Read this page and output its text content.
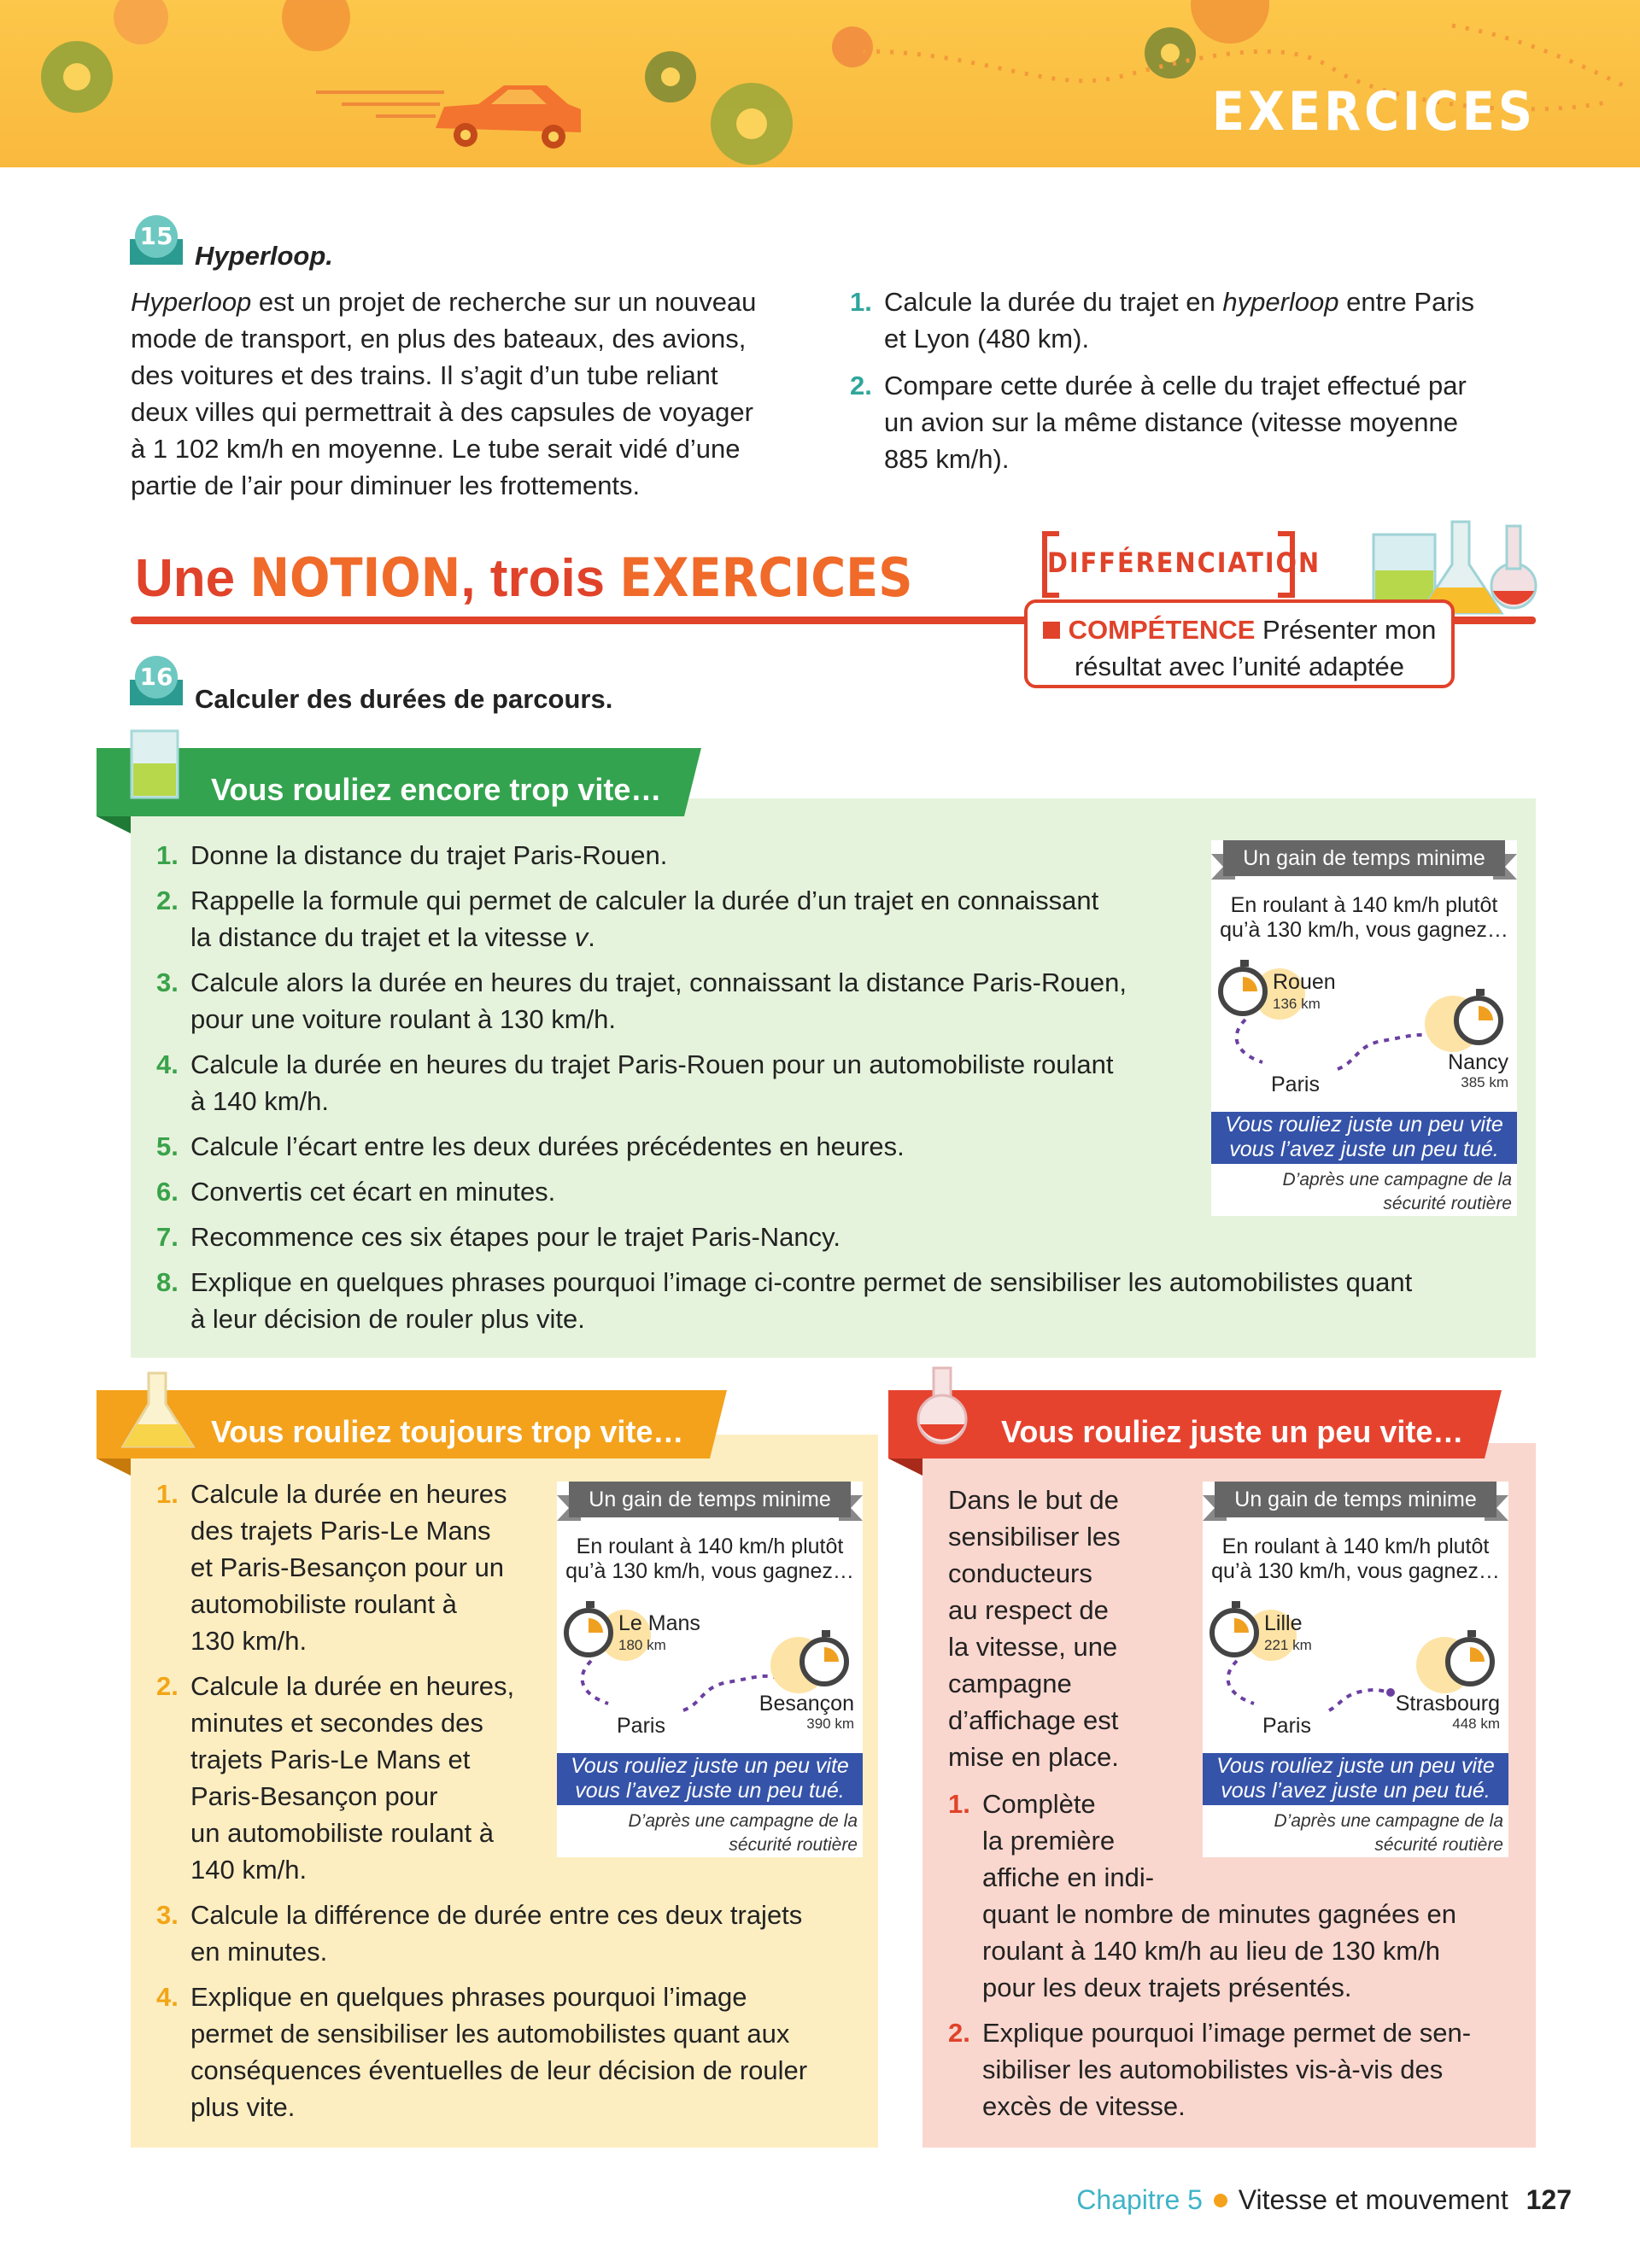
EXERCICES
15
Hyperloop.
Hyperloop est un projet de recherche sur un nouveau
mode de transport, en plus des bateaux, des avions,
des voitures et des trains. Il s’agit d’un tube reliant
deux villes qui permettrait à des capsules de voyager
à 1 102 km/h en moyenne. Le tube serait vidé d’une
partie de l’air pour diminuer les frottements.
1. Calcule la durée du trajet en hyperloop entre Paris
et Lyon (480 km).
2. Compare cette durée à celle du trajet effectué par
un avion sur la même distance (vitesse moyenne
885 km/h).
Une NOTION, trois EXERCICES	DIFFÉRENCIATION
COMPÉTENCE Présenter mon
résultat avec l’unité adaptée
16
Calculer des durées de parcours.
Vous rouliez encore trop vite…
1. Donne la distance du trajet Paris-Rouen.
2. Rappelle la formule qui permet de calculer la durée d’un trajet en connaissant
la distance du trajet et la vitesse v.
3. Calcule alors la durée en heures du trajet, connaissant la distance Paris-Rouen,
pour une voiture roulant à 130 km/h.
4. Calcule la durée en heures du trajet Paris-Rouen pour un automobiliste roulant
à 140 km/h.
5. Calcule l’écart entre les deux durées précédentes en heures.
6. Convertis cet écart en minutes.
7. Recommence ces six étapes pour le trajet Paris-Nancy.
8. Explique en quelques phrases pourquoi l’image ci-contre permet de sensibiliser les automobilistes quant
à leur décision de rouler plus vite.
Un gain de temps minime
En roulant à 140 km/h plutôt
qu’à 130 km/h, vous gagnez…
Rouen
136 km
Nancy
385 km
Paris
Vous rouliez juste un peu vite
vous l’avez juste un peu tué.
D’après une campagne de la
sécurité routière
Vous rouliez toujours trop vite…
1. Calcule la durée en heures
des trajets Paris-Le Mans
et Paris-Besançon pour un
automobiliste roulant à
130 km/h.
2. Calcule la durée en heures,
minutes et secondes des
trajets Paris-Le Mans et
Paris-Besançon pour
un automobiliste roulant à
140 km/h.
3. Calcule la différence de durée entre ces deux trajets
en minutes.
4. Explique en quelques phrases pourquoi l’image
permet de sensibiliser les automobilistes quant aux
conséquences éventuelles de leur décision de rouler
plus vite.
Un gain de temps minime
En roulant à 140 km/h plutôt
qu’à 130 km/h, vous gagnez…
Le Mans
180 km
Besançon
390 km
Paris
Vous rouliez juste un peu vite
vous l’avez juste un peu tué.
D’après une campagne de la
sécurité routière
Vous rouliez juste un peu vite…
Dans le but de
sensibiliser les
conducteurs
au respect de
la vitesse, une
campagne
d’affichage est
mise en place.
1. Complète
la première
affiche en indi-
quant le nombre de minutes gagnées en
roulant à 140 km/h au lieu de 130 km/h
pour les deux trajets présentés.
2. Explique pourquoi l’image permet de sen-
sibiliser les automobilistes vis-à-vis des
excès de vitesse.
Un gain de temps minime
En roulant à 140 km/h plutôt
qu’à 130 km/h, vous gagnez…
Lille
221 km
Strasbourg
448 km
Paris
Vous rouliez juste un peu vite
vous l’avez juste un peu tué.
D’après une campagne de la
sécurité routière
Chapitre 5 Vitesse et mouvement 127
